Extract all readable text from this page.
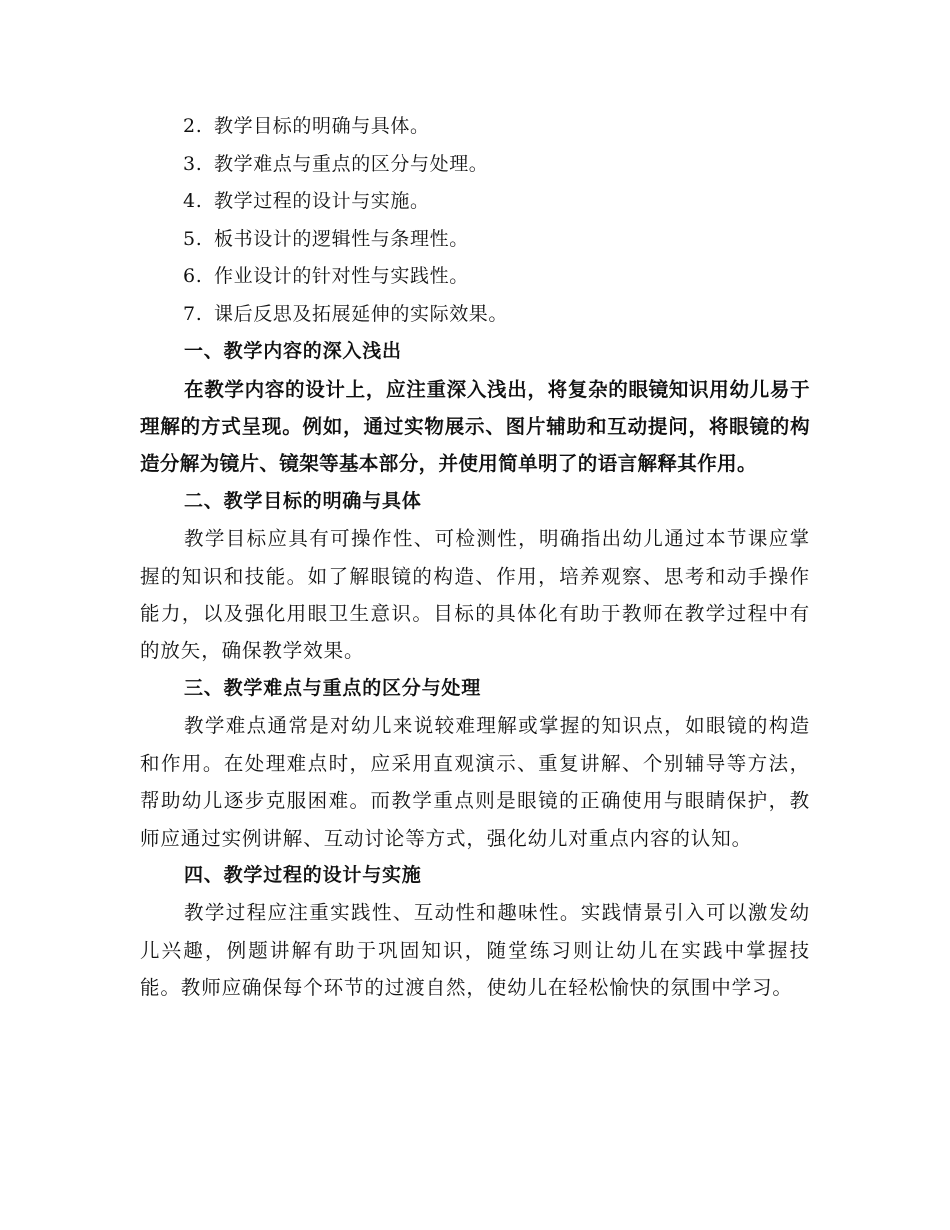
2. 教学目标的明确与具体。
3. 教学难点与重点的区分与处理。
4. 教学过程的设计与实施。
5. 板书设计的逻辑性与条理性。
6. 作业设计的针对性与实践性。
7. 课后反思及拓展延伸的实际效果。
一、教学内容的深入浅出

在教学内容的设计上，应注重深入浅出，将复杂的眼镜知识用幼儿易于理解的方式呈现。例如，通过实物展示、图片辅助和互动提问，将眼镜的构造分解为镜片、镜架等基本部分，并使用简单明了的语言解释其作用。

二、教学目标的明确与具体

教学目标应具有可操作性、可检测性，明确指出幼儿通过本节课应掌握的知识和技能。如了解眼镜的构造、作用，培养观察、思考和动手操作能力，以及强化用眼卫生意识。目标的具体化有助于教师在教学过程中有的放矢，确保教学效果。

三、教学难点与重点的区分与处理

教学难点通常是对幼儿来说较难理解或掌握的知识点，如眼镜的构造和作用。在处理难点时，应采用直观演示、重复讲解、个别辅导等方法，帮助幼儿逐步克服困难。而教学重点则是眼镜的正确使用与眼睛保护，教师应通过实例讲解、互动讨论等方式，强化幼儿对重点内容的认知。

四、教学过程的设计与实施

教学过程应注重实践性、互动性和趣味性。实践情景引入可以激发幼儿兴趣，例题讲解有助于巩固知识，随堂练习则让幼儿在实践中掌握技能。教师应确保每个环节的过渡自然，使幼儿在轻松愉快的氛围中学习。
